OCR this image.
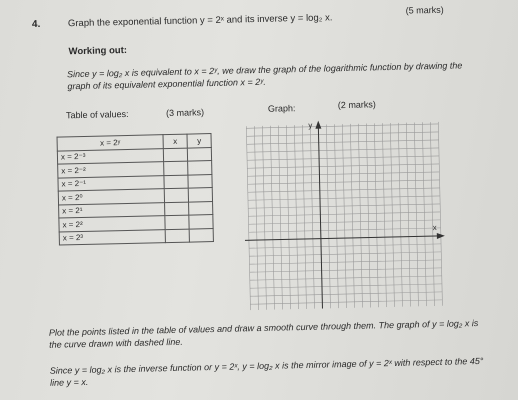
4.	Graph the exponential function y = 2ˣ and its inverse y = log₂ x.
(5 marks)
Working out:
Since y = log₂ x is equivalent to x = 2ʸ, we draw the graph of the logarithmic function by drawing the graph of its equivalent exponential function x = 2ʸ.
Table of values:	(3 marks)	Graph:	(2 marks)
x = 2ʸ	x	y
x = 2⁻³		
x = 2⁻²		
x = 2⁻¹		
x = 2⁰		
x = 2¹		
x = 2²		
x = 2³		
x
y
Plot the points listed in the table of values and draw a smooth curve through them. The graph of y = log₂ x is the curve drawn with dashed line.
Since y = log₂ x is the inverse function or y = 2ˣ, y = log₂ x is the mirror image of y = 2ˣ with respect to the 45° line y = x.
